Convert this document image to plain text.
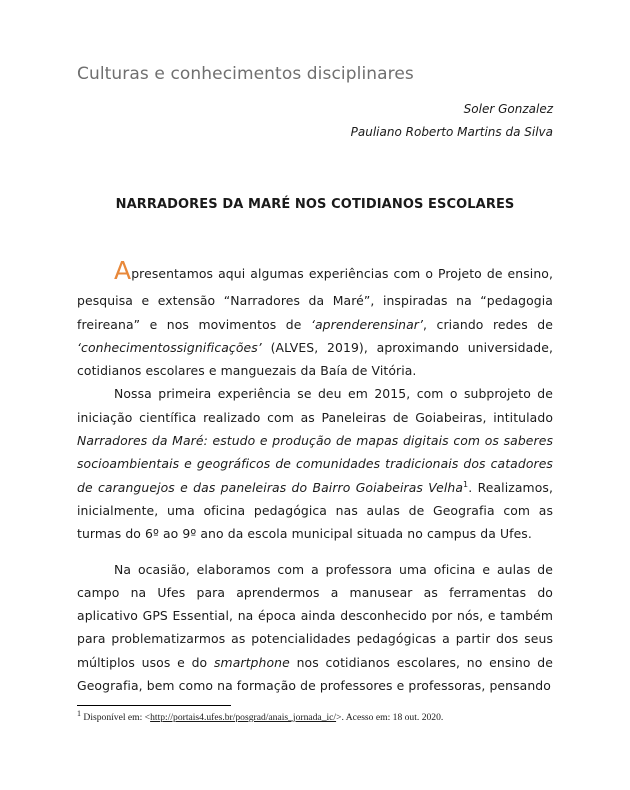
Culturas e conhecimentos disciplinares
Soler Gonzalez
Pauliano Roberto Martins da Silva
NARRADORES DA MARÉ NOS COTIDIANOS ESCOLARES

Apresentamos aqui algumas experiências com o Projeto de ensino,
pesquisa e extensão “Narradores da Maré”, inspiradas na “pedagogia freireana” e nos movimentos de ‘aprenderensinar’, criando redes de ‘conhecimentossignificações’ (ALVES, 2019), aproximando universidade, cotidianos escolares e manguezais da Baía de Vitória.

Nossa primeira experiência se deu em 2015, com o subprojeto de iniciação científica realizado com as Paneleiras de Goiabeiras, intitulado Narradores da Maré: estudo e produção de mapas digitais com os saberes socioambientais e geográficos de comunidades tradicionais dos catadores de caranguejos e das paneleiras do Bairro Goiabeiras Velha$^1$. Realizamos, inicialmente, uma oficina pedagógica nas aulas de Geografia com as turmas do 6º ao 9º ano da escola municipal situada no campus da Ufes.

Na ocasião, elaboramos com a professora uma oficina e aulas de campo na Ufes para aprendermos a manusear as ferramentas do aplicativo GPS Essential, na época ainda desconhecido por nós, e também para problematizarmos as potencialidades pedagógicas a partir dos seus múltiplos usos e do smartphone nos cotidianos escolares, no ensino de Geografia, bem como na formação de professores e professoras, pensando

$^1$ Disponível em: <http://portais4.ufes.br/posgrad/anais_jornada_ic/>. Acesso em: 18 out. 2020.
